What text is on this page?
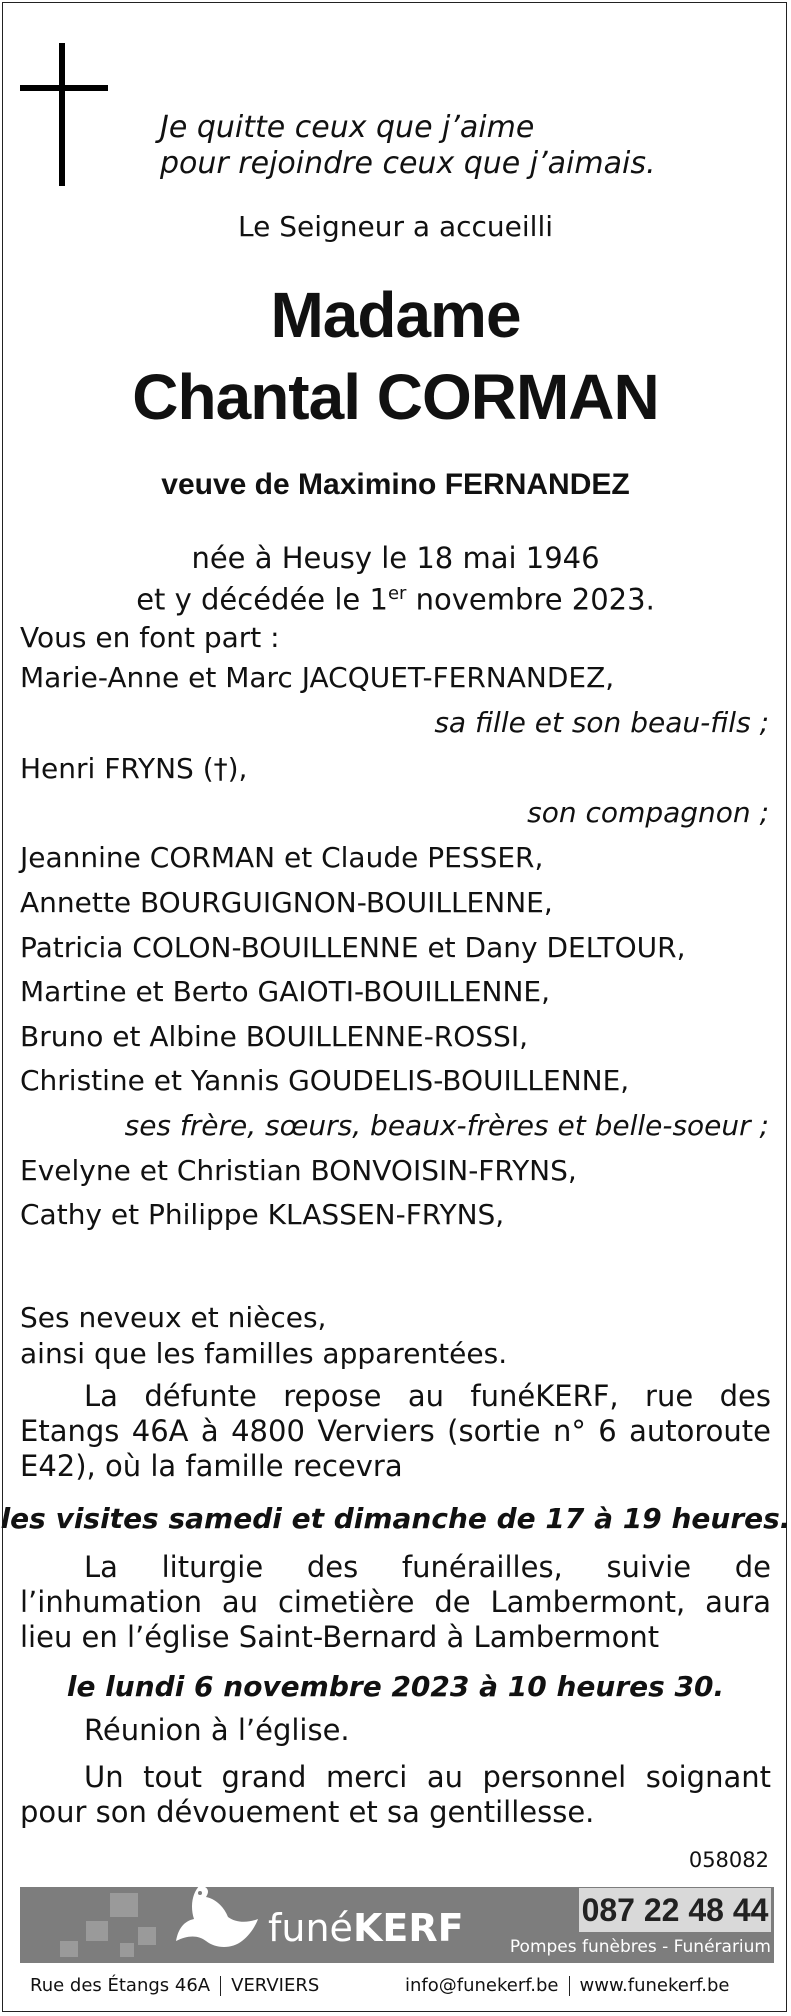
Je quitte ceux que j’aime
pour rejoindre ceux que j’aimais.
Le Seigneur a accueilli
Madame
Chantal CORMAN
veuve de Maximino FERNANDEZ
née à Heusy le 18 mai 1946
et y décédée le 1er novembre 2023.
Vous en font part :
Marie-Anne et Marc JACQUET-FERNANDEZ,
sa fille et son beau-fils ;
Henri FRYNS (†),
son compagnon ;
Jeannine CORMAN et Claude PESSER,
Annette BOURGUIGNON-BOUILLENNE,
Patricia COLON-BOUILLENNE et Dany DELTOUR,
Martine et Berto GAIOTI-BOUILLENNE,
Bruno et Albine BOUILLENNE-ROSSI,
Christine et Yannis GOUDELIS-BOUILLENNE,
ses frère, sœurs, beaux-frères et belle-soeur ;
Evelyne et Christian BONVOISIN-FRYNS,
Cathy et Philippe KLASSEN-FRYNS,
Ses neveux et nièces,
ainsi que les familles apparentées.
La défunte repose au funéKERF, rue des Etangs 46A à 4800 Verviers (sortie n° 6 autoroute E42), où la famille recevra
les visites samedi et dimanche de 17 à 19 heures.
La liturgie des funérailles, suivie de l’inhumation au cimetière de Lambermont, aura lieu en l’église Saint-Bernard à Lambermont
le lundi 6 novembre 2023 à 10 heures 30.
Réunion à l’église.
Un tout grand merci au personnel soignant pour son dévouement et sa gentillesse.
058082
funéKERF	087 22 48 44
Pompes funèbres - Funérarium
Rue des Étangs 46A VERVIERS	info@funekerf.be www.funekerf.be
